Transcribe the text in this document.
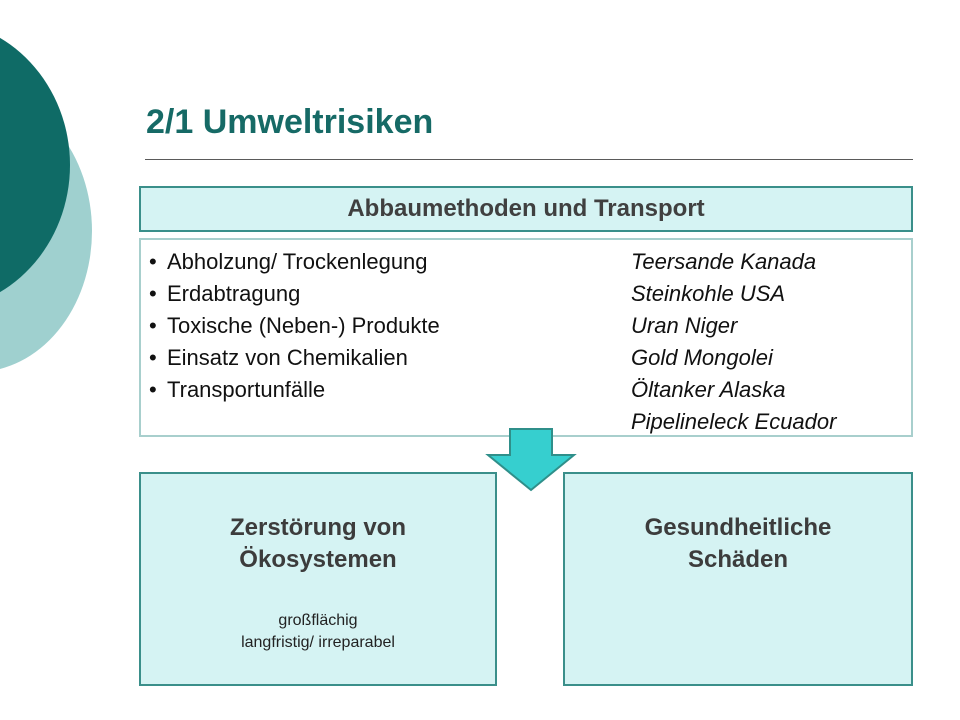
2/1 Umweltrisiken
Abbaumethoden und Transport
• Abholzung/ Trockenlegung	Teersande Kanada
• Erdabtragung	Steinkohle USA
• Toxische (Neben-) Produkte	Uran Niger
• Einsatz von Chemikalien	Gold Mongolei
• Transportunfälle	Öltanker Alaska
Pipelineleck Ecuador
Zerstörung von
Ökosystemen
großflächig
langfristig/ irreparabel
Gesundheitliche
Schäden
